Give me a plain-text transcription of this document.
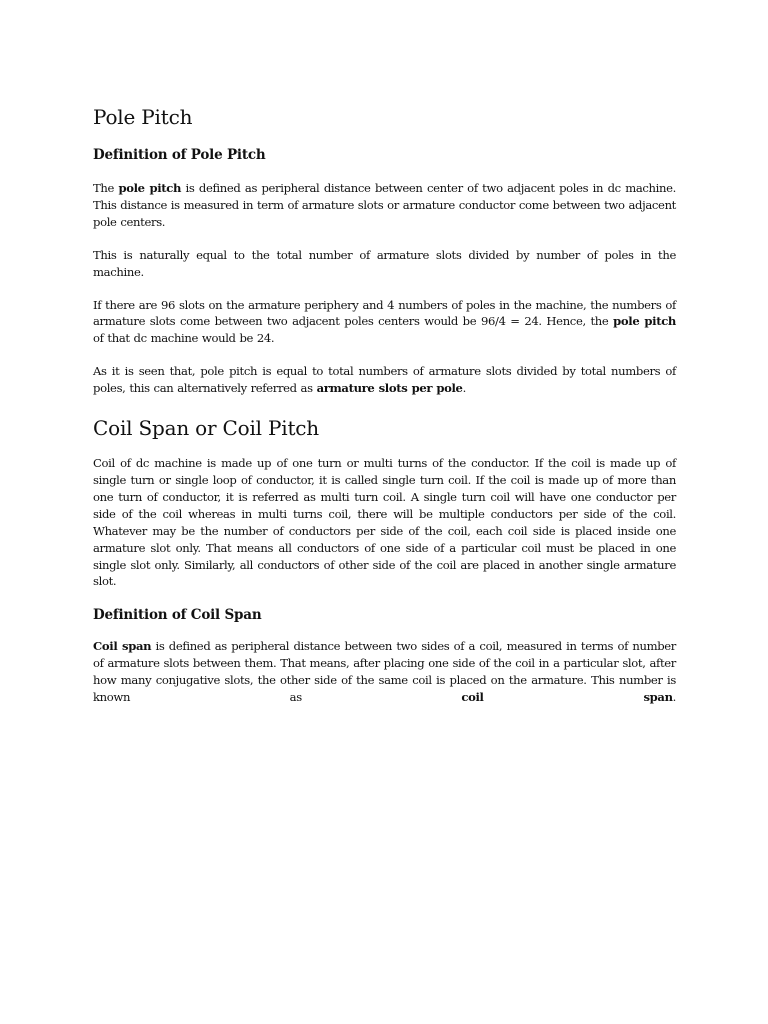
Pole Pitch
Definition of Pole Pitch

The pole pitch is defined as peripheral distance between center of two adjacent poles in dc machine. This distance is measured in term of armature slots or armature conductor come between two adjacent pole centers.

This is naturally equal to the total number of armature slots divided by number of poles in the machine.

If there are 96 slots on the armature periphery and 4 numbers of poles in the machine, the numbers of armature slots come between two adjacent poles centers would be 96/4 = 24. Hence, the pole pitch of that dc machine would be 24.

As it is seen that, pole pitch is equal to total numbers of armature slots divided by total numbers of poles, this can alternatively referred as armature slots per pole.

Coil Span or Coil Pitch

Coil of dc machine is made up of one turn or multi turns of the conductor. If the coil is made up of single turn or single loop of conductor, it is called single turn coil. If the coil is made up of more than one turn of conductor, it is referred as multi turn coil. A single turn coil will have one conductor per side of the coil whereas in multi turns coil, there will be multiple conductors per side of the coil. Whatever may be the number of conductors per side of the coil, each coil side is placed inside one armature slot only. That means all conductors of one side of a particular coil must be placed in one single slot only. Similarly, all conductors of other side of the coil are placed in another single armature slot.

Definition of Coil Span

Coil span is defined as peripheral distance between two sides of a coil, measured in terms of number of armature slots between them. That means, after placing one side of the coil in a particular slot, after how many conjugative slots, the other side of the same coil is placed on the armature. This number is known as coil span.
